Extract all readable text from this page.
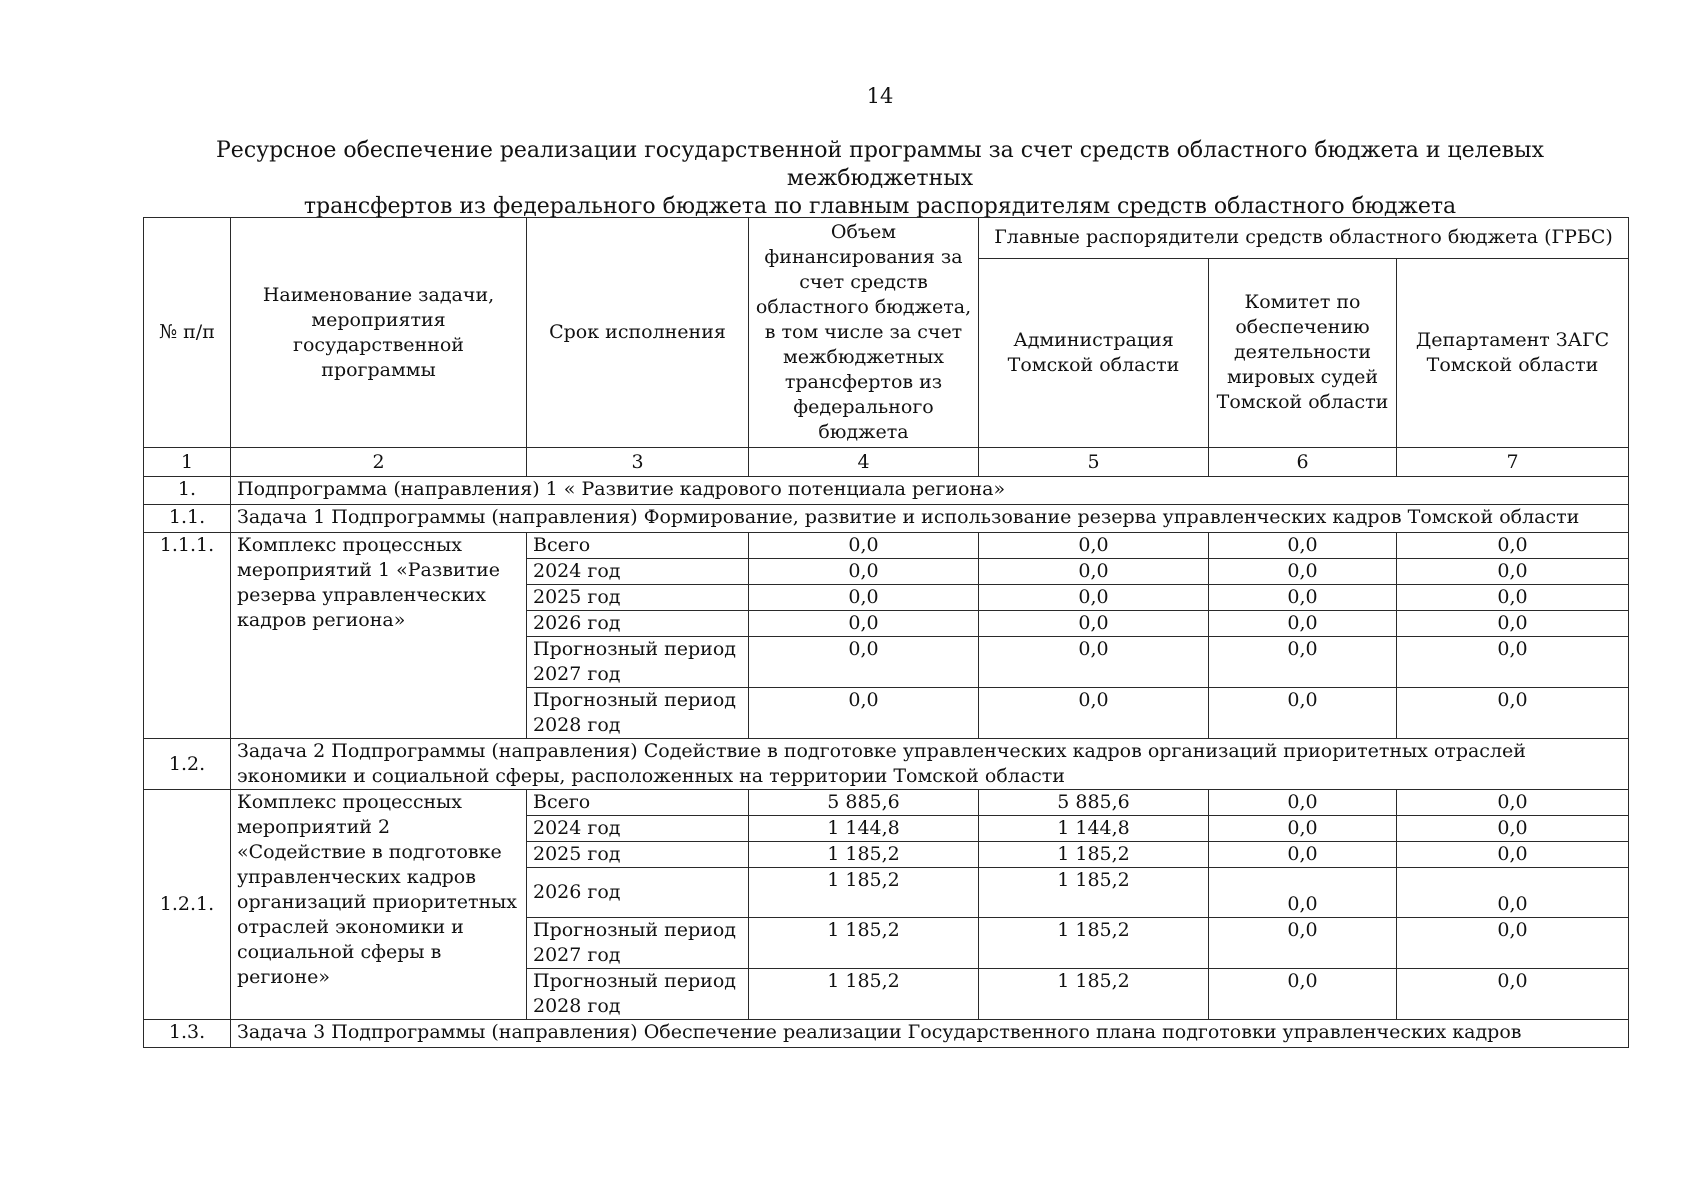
14
Ресурсное обеспечение реализации государственной программы за счет средств областного бюджета и целевых межбюджетных
трансфертов из федерального бюджета по главным распорядителям средств областного бюджета
№ п/п	Наименование задачи, мероприятия государственной программы	Срок исполнения	Объем финансирования за счет средств областного бюджета, в том числе за счет межбюджетных трансфертов из федерального бюджета	Главные распорядители средств областного бюджета (ГРБС)		
				Администрация Томской области	Комитет по обеспечению деятельности мировых судей Томской области	Департамент ЗАГС Томской области
1	2	3	4	5	6	7
1.	Подпрограмма (направления) 1 « Развитие кадрового потенциала региона»					
1.1.	Задача 1 Подпрограммы (направления) Формирование, развитие и использование резерва управленческих кадров Томской области					
1.1.1.	Комплекс процессных мероприятий 1 «Развитие резерва управленческих кадров региона»	Всего	0,0	0,0	0,0	0,0
		2024 год	0,0	0,0	0,0	0,0
		2025 год	0,0	0,0	0,0	0,0
		2026 год	0,0	0,0	0,0	0,0
		Прогнозный период 2027 год	0,0	0,0	0,0	0,0
		Прогнозный период 2028 год	0,0	0,0	0,0	0,0
1.2.	Задача 2 Подпрограммы (направления) Содействие в подготовке управленческих кадров организаций приоритетных отраслей экономики и социальной сферы, расположенных на территории Томской области					
1.2.1.	Комплекс процессных мероприятий 2 «Содействие в подготовке управленческих кадров организаций приоритетных отраслей экономики и социальной сферы в регионе»	Всего	5 885,6	5 885,6	0,0	0,0
		2024 год	1 144,8	1 144,8	0,0	0,0
		2025 год	1 185,2	1 185,2	0,0	0,0
		2026 год	1 185,2	1 185,2	0,0	0,0
		Прогнозный период 2027 год	1 185,2	1 185,2	0,0	0,0
		Прогнозный период 2028 год	1 185,2	1 185,2	0,0	0,0
1.3.	Задача 3 Подпрограммы (направления) Обеспечение реализации Государственного плана подготовки управленческих кадров					
